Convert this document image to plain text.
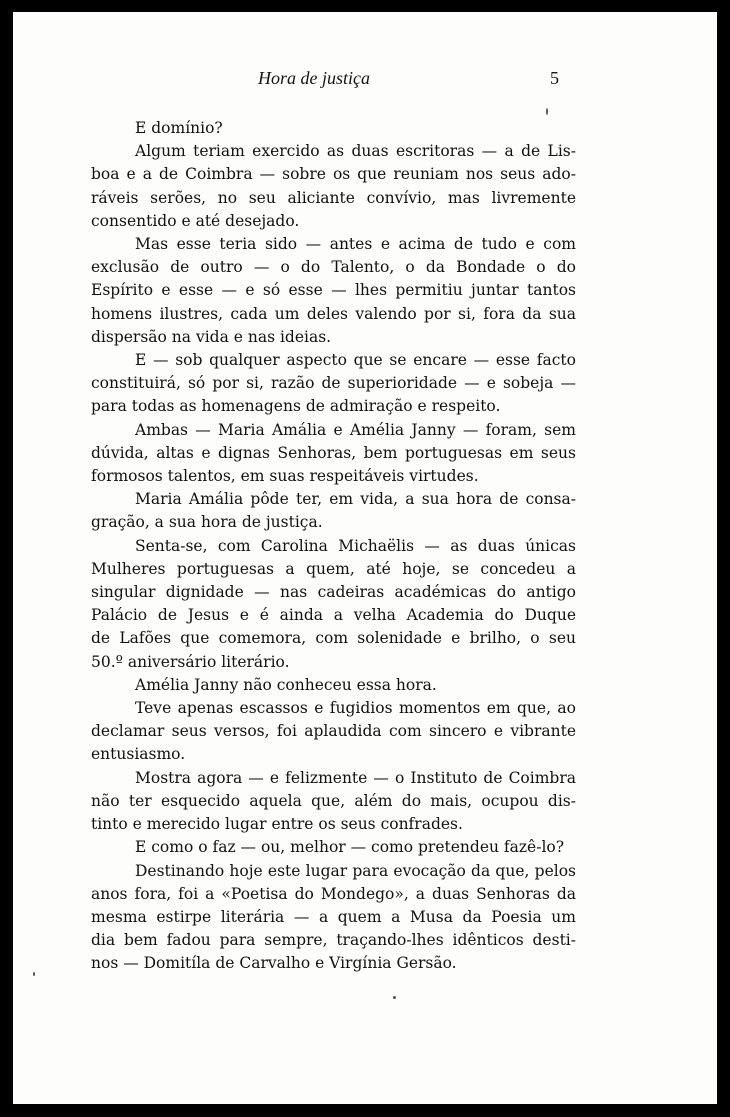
Hora de justiça	5

E domínio?

Algum teriam exercido as duas escritoras — a de Lis-
boa e a de Coimbra — sobre os que reuniam nos seus ado-
ráveis serões, no seu aliciante convívio, mas livremente
consentido e até desejado.

Mas esse teria sido — antes e acima de tudo e com
exclusão de outro — o do Talento, o da Bondade o do
Espírito e esse — e só esse — lhes permitiu juntar tantos
homens ilustres, cada um deles valendo por si, fora da sua
dispersão na vida e nas ideias.

E — sob qualquer aspecto que se encare — esse facto
constituirá, só por si, razão de superioridade — e sobeja —
para todas as homenagens de admiração e respeito.

Ambas — Maria Amália e Amélia Janny — foram, sem
dúvida, altas e dignas Senhoras, bem portuguesas em seus
formosos talentos, em suas respeitáveis virtudes.

Maria Amália pôde ter, em vida, a sua hora de consa-
gração, a sua hora de justiça.

Senta-se, com Carolina Michaëlis — as duas únicas
Mulheres portuguesas a quem, até hoje, se concedeu a
singular dignidade — nas cadeiras académicas do antigo
Palácio de Jesus e é ainda a velha Academia do Duque
de Lafões que comemora, com solenidade e brilho, o seu
50.º aniversário literário.

Amélia Janny não conheceu essa hora.

Teve apenas escassos e fugidios momentos em que, ao
declamar seus versos, foi aplaudida com sincero e vibrante
entusiasmo.

Mostra agora — e felizmente — o Instituto de Coimbra
não ter esquecido aquela que, além do mais, ocupou dis-
tinto e merecido lugar entre os seus confrades.

E como o faz — ou, melhor — como pretendeu fazê-lo?

Destinando hoje este lugar para evocação da que, pelos
anos fora, foi a «Poetisa do Mondego», a duas Senhoras da
mesma estirpe literária — a quem a Musa da Poesia um
dia bem fadou para sempre, traçando-lhes idênticos desti-
nos — Domitíla de Carvalho e Virgínia Gersão.
